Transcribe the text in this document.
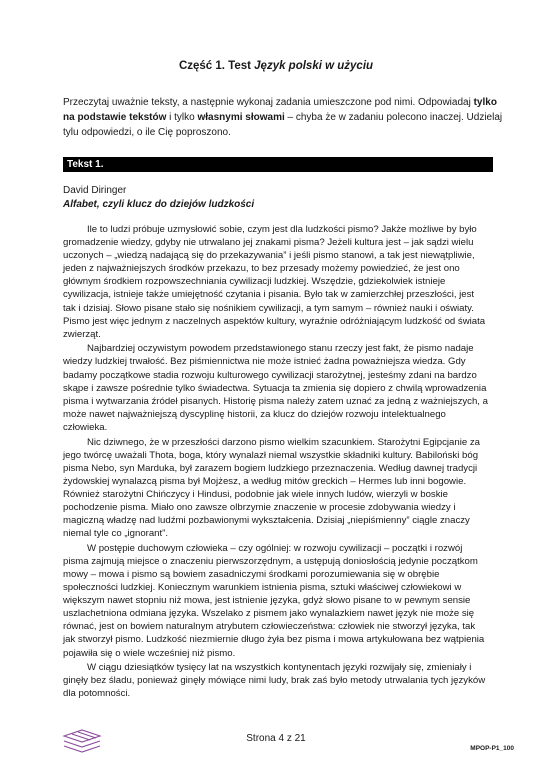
Część 1. Test Język polski w użyciu
Przeczytaj uważnie teksty, a następnie wykonaj zadania umieszczone pod nimi. Odpowiadaj tylko na podstawie tekstów i tylko własnymi słowami – chyba że w zadaniu polecono inaczej. Udzielaj tylu odpowiedzi, o ile Cię poproszono.
Tekst 1.
David Diringer
Alfabet, czyli klucz do dziejów ludzkości

Ile to ludzi próbuje uzmysłowić sobie, czym jest dla ludzkości pismo? Jakże możliwe by było gromadzenie wiedzy, gdyby nie utrwalano jej znakami pisma? Jeżeli kultura jest – jak sądzi wielu uczonych – „wiedzą nadającą się do przekazywania” i jeśli pismo stanowi, a tak jest niewątpliwie, jeden z najważniejszych środków przekazu, to bez przesady możemy powiedzieć, że jest ono głównym środkiem rozpowszechniania cywilizacji ludzkiej. Wszędzie, gdziekolwiek istnieje cywilizacja, istnieje także umiejętność czytania i pisania. Było tak w zamierzchłej przeszłości, jest tak i dzisiaj. Słowo pisane stało się nośnikiem cywilizacji, a tym samym – również nauki i oświaty. Pismo jest więc jednym z naczelnych aspektów kultury, wyraźnie odróżniającym ludzkość od świata zwierząt.

Najbardziej oczywistym powodem przedstawionego stanu rzeczy jest fakt, że pismo nadaje wiedzy ludzkiej trwałość. Bez piśmiennictwa nie może istnieć żadna poważniejsza wiedza. Gdy badamy początkowe stadia rozwoju kulturowego cywilizacji starożytnej, jesteśmy zdani na bardzo skąpe i zawsze pośrednie tylko świadectwa. Sytuacja ta zmienia się dopiero z chwilą wprowadzenia pisma i wytwarzania źródeł pisanych. Historię pisma należy zatem uznać za jedną z ważniejszych, a może nawet najważniejszą dyscyplinę historii, za klucz do dziejów rozwoju intelektualnego człowieka.

Nic dziwnego, że w przeszłości darzono pismo wielkim szacunkiem. Starożytni Egipcjanie za jego twórcę uważali Thota, boga, który wynalazł niemal wszystkie składniki kultury. Babiloński bóg pisma Nebo, syn Marduka, był zarazem bogiem ludzkiego przeznaczenia. Według dawnej tradycji żydowskiej wynalazcą pisma był Mojżesz, a według mitów greckich – Hermes lub inni bogowie. Również starożytni Chińczycy i Hindusi, podobnie jak wiele innych ludów, wierzyli w boskie pochodzenie pisma. Miało ono zawsze olbrzymie znaczenie w procesie zdobywania wiedzy i magiczną władzę nad ludźmi pozbawionymi wykształcenia. Dzisiaj „niepiśmienny” ciągle znaczy niemal tyle co „ignorant”.

W postępie duchowym człowieka – czy ogólniej: w rozwoju cywilizacji – początki i rozwój pisma zajmują miejsce o znaczeniu pierwszorzędnym, a ustępują doniosłością jedynie początkom mowy – mowa i pismo są bowiem zasadniczymi środkami porozumiewania się w obrębie społeczności ludzkiej. Koniecznym warunkiem istnienia pisma, sztuki właściwej człowiekowi w większym nawet stopniu niż mowa, jest istnienie języka, gdyż słowo pisane to w pewnym sensie uszlachetniona odmiana języka. Wszelako z pismem jako wynalazkiem nawet język nie może się równać, jest on bowiem naturalnym atrybutem człowieczeństwa: człowiek nie stworzył języka, tak jak stworzył pismo. Ludzkość niezmiernie długo żyła bez pisma i mowa artykułowana bez wątpienia pojawiła się o wiele wcześniej niż pismo.

W ciągu dziesiątków tysięcy lat na wszystkich kontynentach języki rozwijały się, zmieniały i ginęły bez śladu, ponieważ ginęły mówiące nimi ludy, brak zaś było metody utrwalania tych języków dla potomności.

Strona 4 z 21
MPOP-P1_100
